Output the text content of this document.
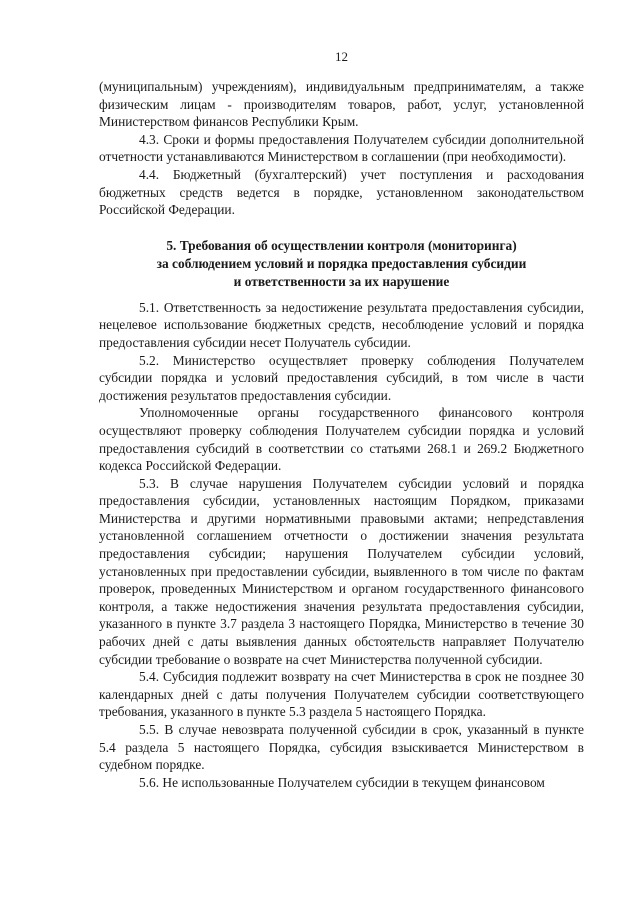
12

(муниципальным) учреждениям), индивидуальным предпринимателям, а также физическим лицам - производителям товаров, работ, услуг, установленной Министерством финансов Республики Крым.

4.3. Сроки и формы предоставления Получателем субсидии дополнительной отчетности устанавливаются Министерством в соглашении (при необходимости).

4.4. Бюджетный (бухгалтерский) учет поступления и расходования бюджетных средств ведется в порядке, установленном законодательством Российской Федерации.

5. Требования об осуществлении контроля (мониторинга)
за соблюдением условий и порядка предоставления субсидии
и ответственности за их нарушение

5.1. Ответственность за недостижение результата предоставления субсидии, нецелевое использование бюджетных средств, несоблюдение условий и порядка предоставления субсидии несет Получатель субсидии.

5.2. Министерство осуществляет проверку соблюдения Получателем субсидии порядка и условий предоставления субсидий, в том числе в части достижения результатов предоставления субсидии.

Уполномоченные органы государственного финансового контроля осуществляют проверку соблюдения Получателем субсидии порядка и условий предоставления субсидий в соответствии со статьями 268.1 и 269.2 Бюджетного кодекса Российской Федерации.

5.3. В случае нарушения Получателем субсидии условий и порядка предоставления субсидии, установленных настоящим Порядком, приказами Министерства и другими нормативными правовыми актами; непредставления установленной соглашением отчетности о достижении значения результата предоставления субсидии; нарушения Получателем субсидии условий, установленных при предоставлении субсидии, выявленного в том числе по фактам проверок, проведенных Министерством и органом государственного финансового контроля, а также недостижения значения результата предоставления субсидии, указанного в пункте 3.7 раздела 3 настоящего Порядка, Министерство в течение 30 рабочих дней с даты выявления данных обстоятельств направляет Получателю субсидии требование о возврате на счет Министерства полученной субсидии.

5.4. Субсидия подлежит возврату на счет Министерства в срок не позднее 30 календарных дней с даты получения Получателем субсидии соответствующего требования, указанного в пункте 5.3 раздела 5 настоящего Порядка.

5.5. В случае невозврата полученной субсидии в срок, указанный в пункте 5.4 раздела 5 настоящего Порядка, субсидия взыскивается Министерством в судебном порядке.

5.6. Не использованные Получателем субсидии в текущем финансовом
